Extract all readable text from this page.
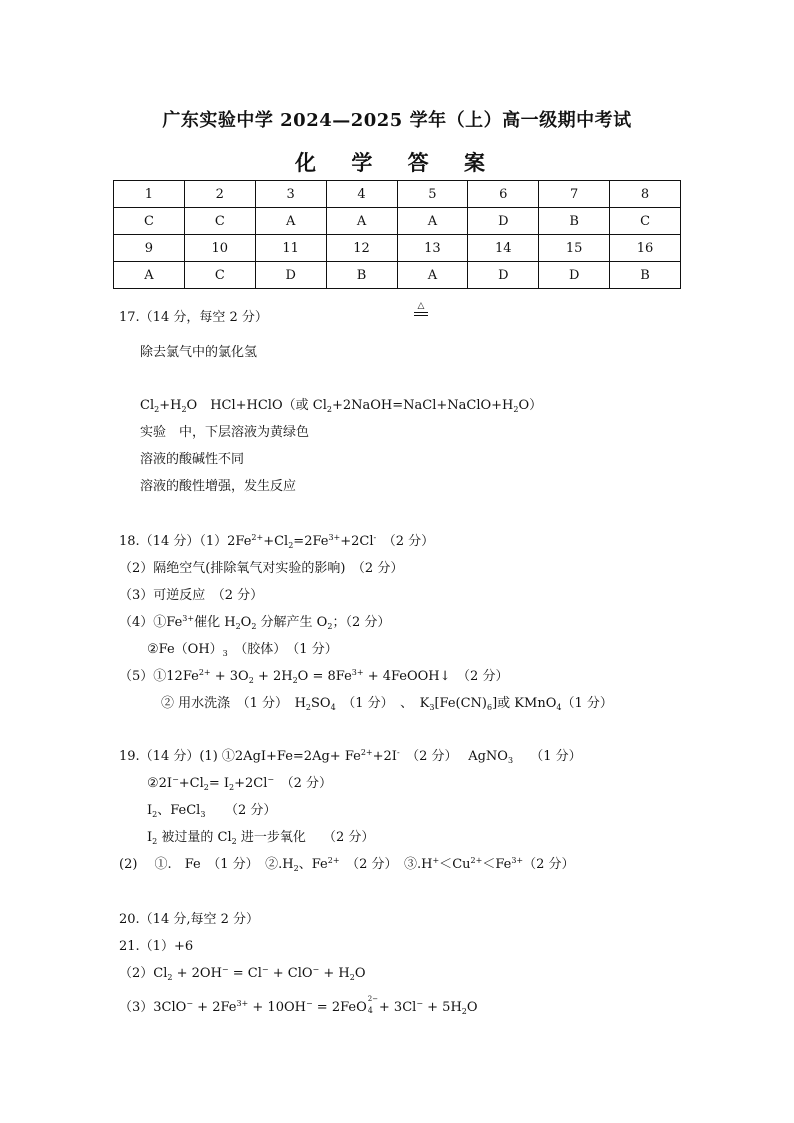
广东实验中学 2024—2025 学年（上）高一级期中考试
化 学 答 案
1	2	3	4	5	6	7	8
C	C	A	A	A	D	B	C
9	10	11	12	13	14	15	16
A	C	D	B	A	D	D	B
17.（14 分，每空 2 分）
△
除去氯气中的氯化氢
$Cl_2+H_2O$　HCl+HClO（或 $Cl_2+2NaOH=NaCl+NaClO+H_2O$）
实验　 中，下层溶液为黄绿色
溶液的酸碱性不同
溶液的酸性增强，发生反应
18.（14 分）$(1)2Fe^{2+}+Cl_2=2Fe^{3+}+2Cl^-$　 （2 分）
（2）隔绝空气(排除氧气对实验的影响)　（2 分）
（3）可逆反应　（2 分）
$(4)①Fe^{3+}$催化 $H_2O_2$ 分解产生 $O_2$；（2 分）
$②Fe(OH)_3$　 （胶体）　 （1 分）
$(5)①12Fe^{2+} + 3O_2 + 2H_2O = 8Fe^{3+}$ + 4FeOOH↓　（2 分）
② 用水洗涤　 （1 分）　$H_2SO_4$　 （1 分）　 、　$K_3[Fe(CN)_6]$或 KMnO$_4$（1 分）
19.（14 分）(1) ①2AgI+Fe=2Ag+ $Fe^{2+}+2I^-$　 （2 分）　 AgNO$_3$　 （1 分）
$②2I^-+Cl_2= I_2+2Cl^-$　 （2 分）
$I_2$、FeCl$_3$　　 （2 分）
$I_2$ 被过量的 $Cl_2$ 进一步氧化　 （2 分）
(2)　 ①.　 Fe　 （1 分）　 $②.H_2$、$Fe^{2+}$　 （2 分）　 $③.H^+<Cu^{2+}<Fe^{3+}(2$ 分）
20.（14 分,每空 2 分）
21.（1）+6
$(2)Cl_2 + 2OH^- = Cl^- + ClO^- + H_2O$
$(3)3ClO^- + 2Fe^{3+} + 10OH^- = 2FeO$
2−
$4 + 3Cl^- + 5H_2O$
